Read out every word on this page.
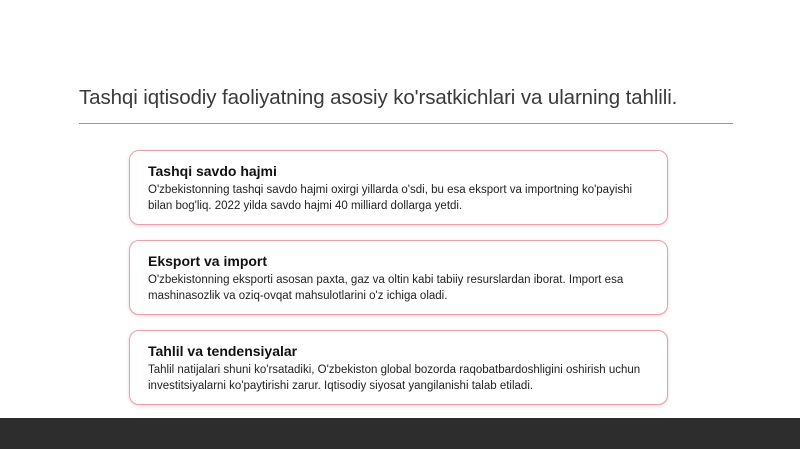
Tashqi iqtisodiy faoliyatning asosiy ko'rsatkichlari va ularning tahlili.
Tashqi savdo hajmi

O'zbekistonning tashqi savdo hajmi oxirgi yillarda o'sdi, bu esa eksport va importning ko'payishi bilan bog'liq. 2022 yilda savdo hajmi 40 milliard dollarga yetdi.

Eksport va import

O'zbekistonning eksporti asosan paxta, gaz va oltin kabi tabiiy resurslardan iborat. Import esa mashinasozlik va oziq-ovqat mahsulotlarini o'z ichiga oladi.

Tahlil va tendensiyalar

Tahlil natijalari shuni ko'rsatadiki, O'zbekiston global bozorda raqobatbardoshligini oshirish uchun investitsiyalarni ko'paytirishi zarur. Iqtisodiy siyosat yangilanishi talab etiladi.
